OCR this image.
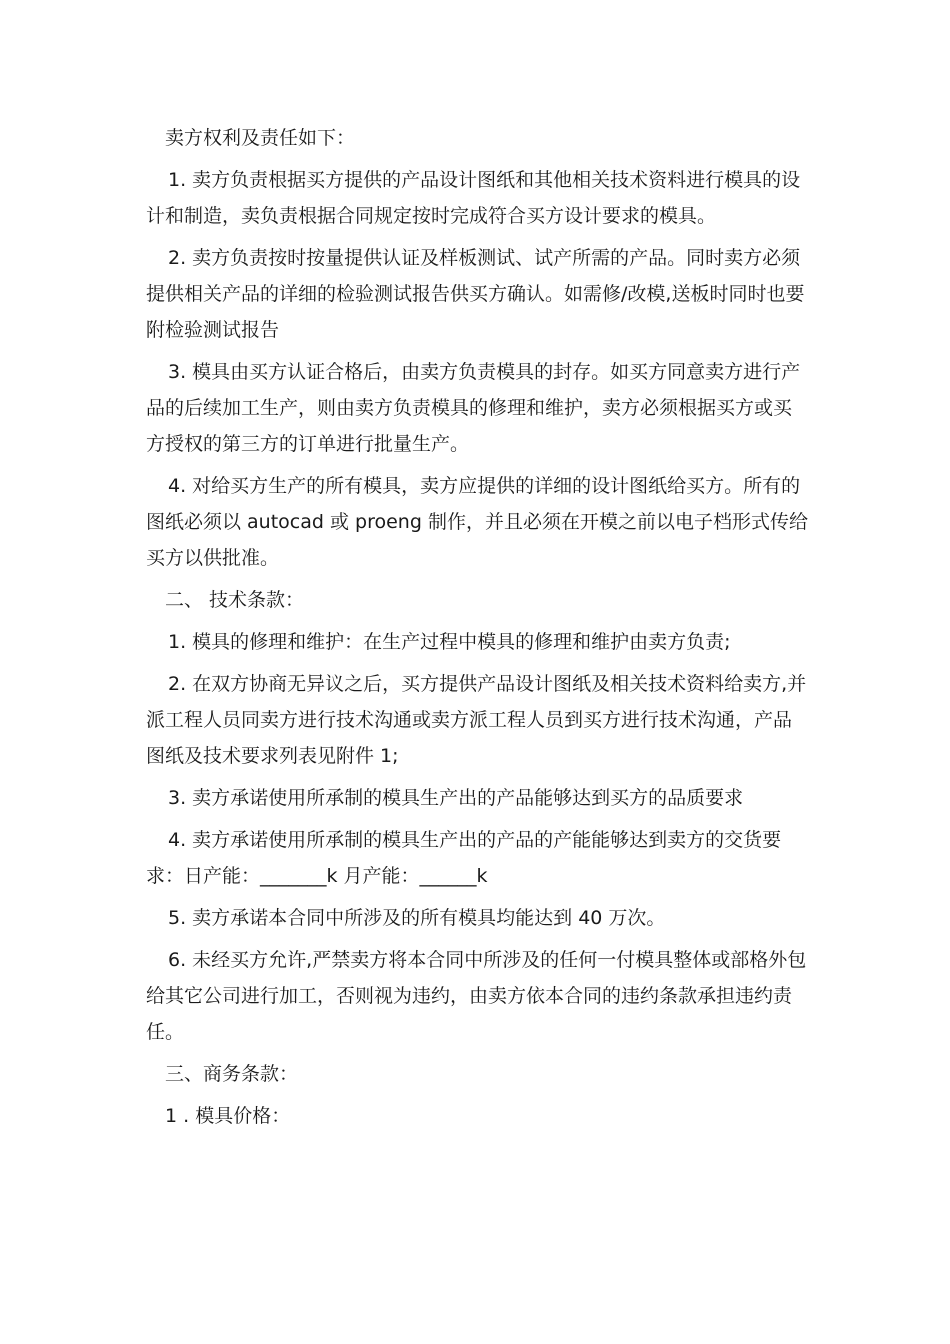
卖方权利及责任如下：

1. 卖方负责根据买方提供的产品设计图纸和其他相关技术资料进行模具的设计和制造，卖负责根据合同规定按时完成符合买方设计要求的模具。

2. 卖方负责按时按量提供认证及样板测试、试产所需的产品。同时卖方必须提供相关产品的详细的检验测试报告供买方确认。如需修/改模,送板时同时也要附检验测试报告

3. 模具由买方认证合格后，由卖方负责模具的封存。如买方同意卖方进行产品的后续加工生产，则由卖方负责模具的修理和维护，卖方必须根据买方或买方授权的第三方的订单进行批量生产。

4. 对给买方生产的所有模具，卖方应提供的详细的设计图纸给买方。所有的图纸必须以 autocad 或 proeng 制作，并且必须在开模之前以电子档形式传给买方以供批准。

二、 技术条款：

1. 模具的修理和维护：在生产过程中模具的修理和维护由卖方负责;

2. 在双方协商无异议之后，买方提供产品设计图纸及相关技术资料给卖方,并派工程人员同卖方进行技术沟通或卖方派工程人员到买方进行技术沟通，产品图纸及技术要求列表见附件 1;

3. 卖方承诺使用所承制的模具生产出的产品能够达到买方的品质要求

4. 卖方承诺使用所承制的模具生产出的产品的产能能够达到卖方的交货要求：日产能：_______k 月产能：______k

5. 卖方承诺本合同中所涉及的所有模具均能达到 40 万次。

6. 未经买方允许,严禁卖方将本合同中所涉及的任何一付模具整体或部格外包给其它公司进行加工，否则视为违约，由卖方依本合同的违约条款承担违约责任。

三、商务条款：

1 . 模具价格：
